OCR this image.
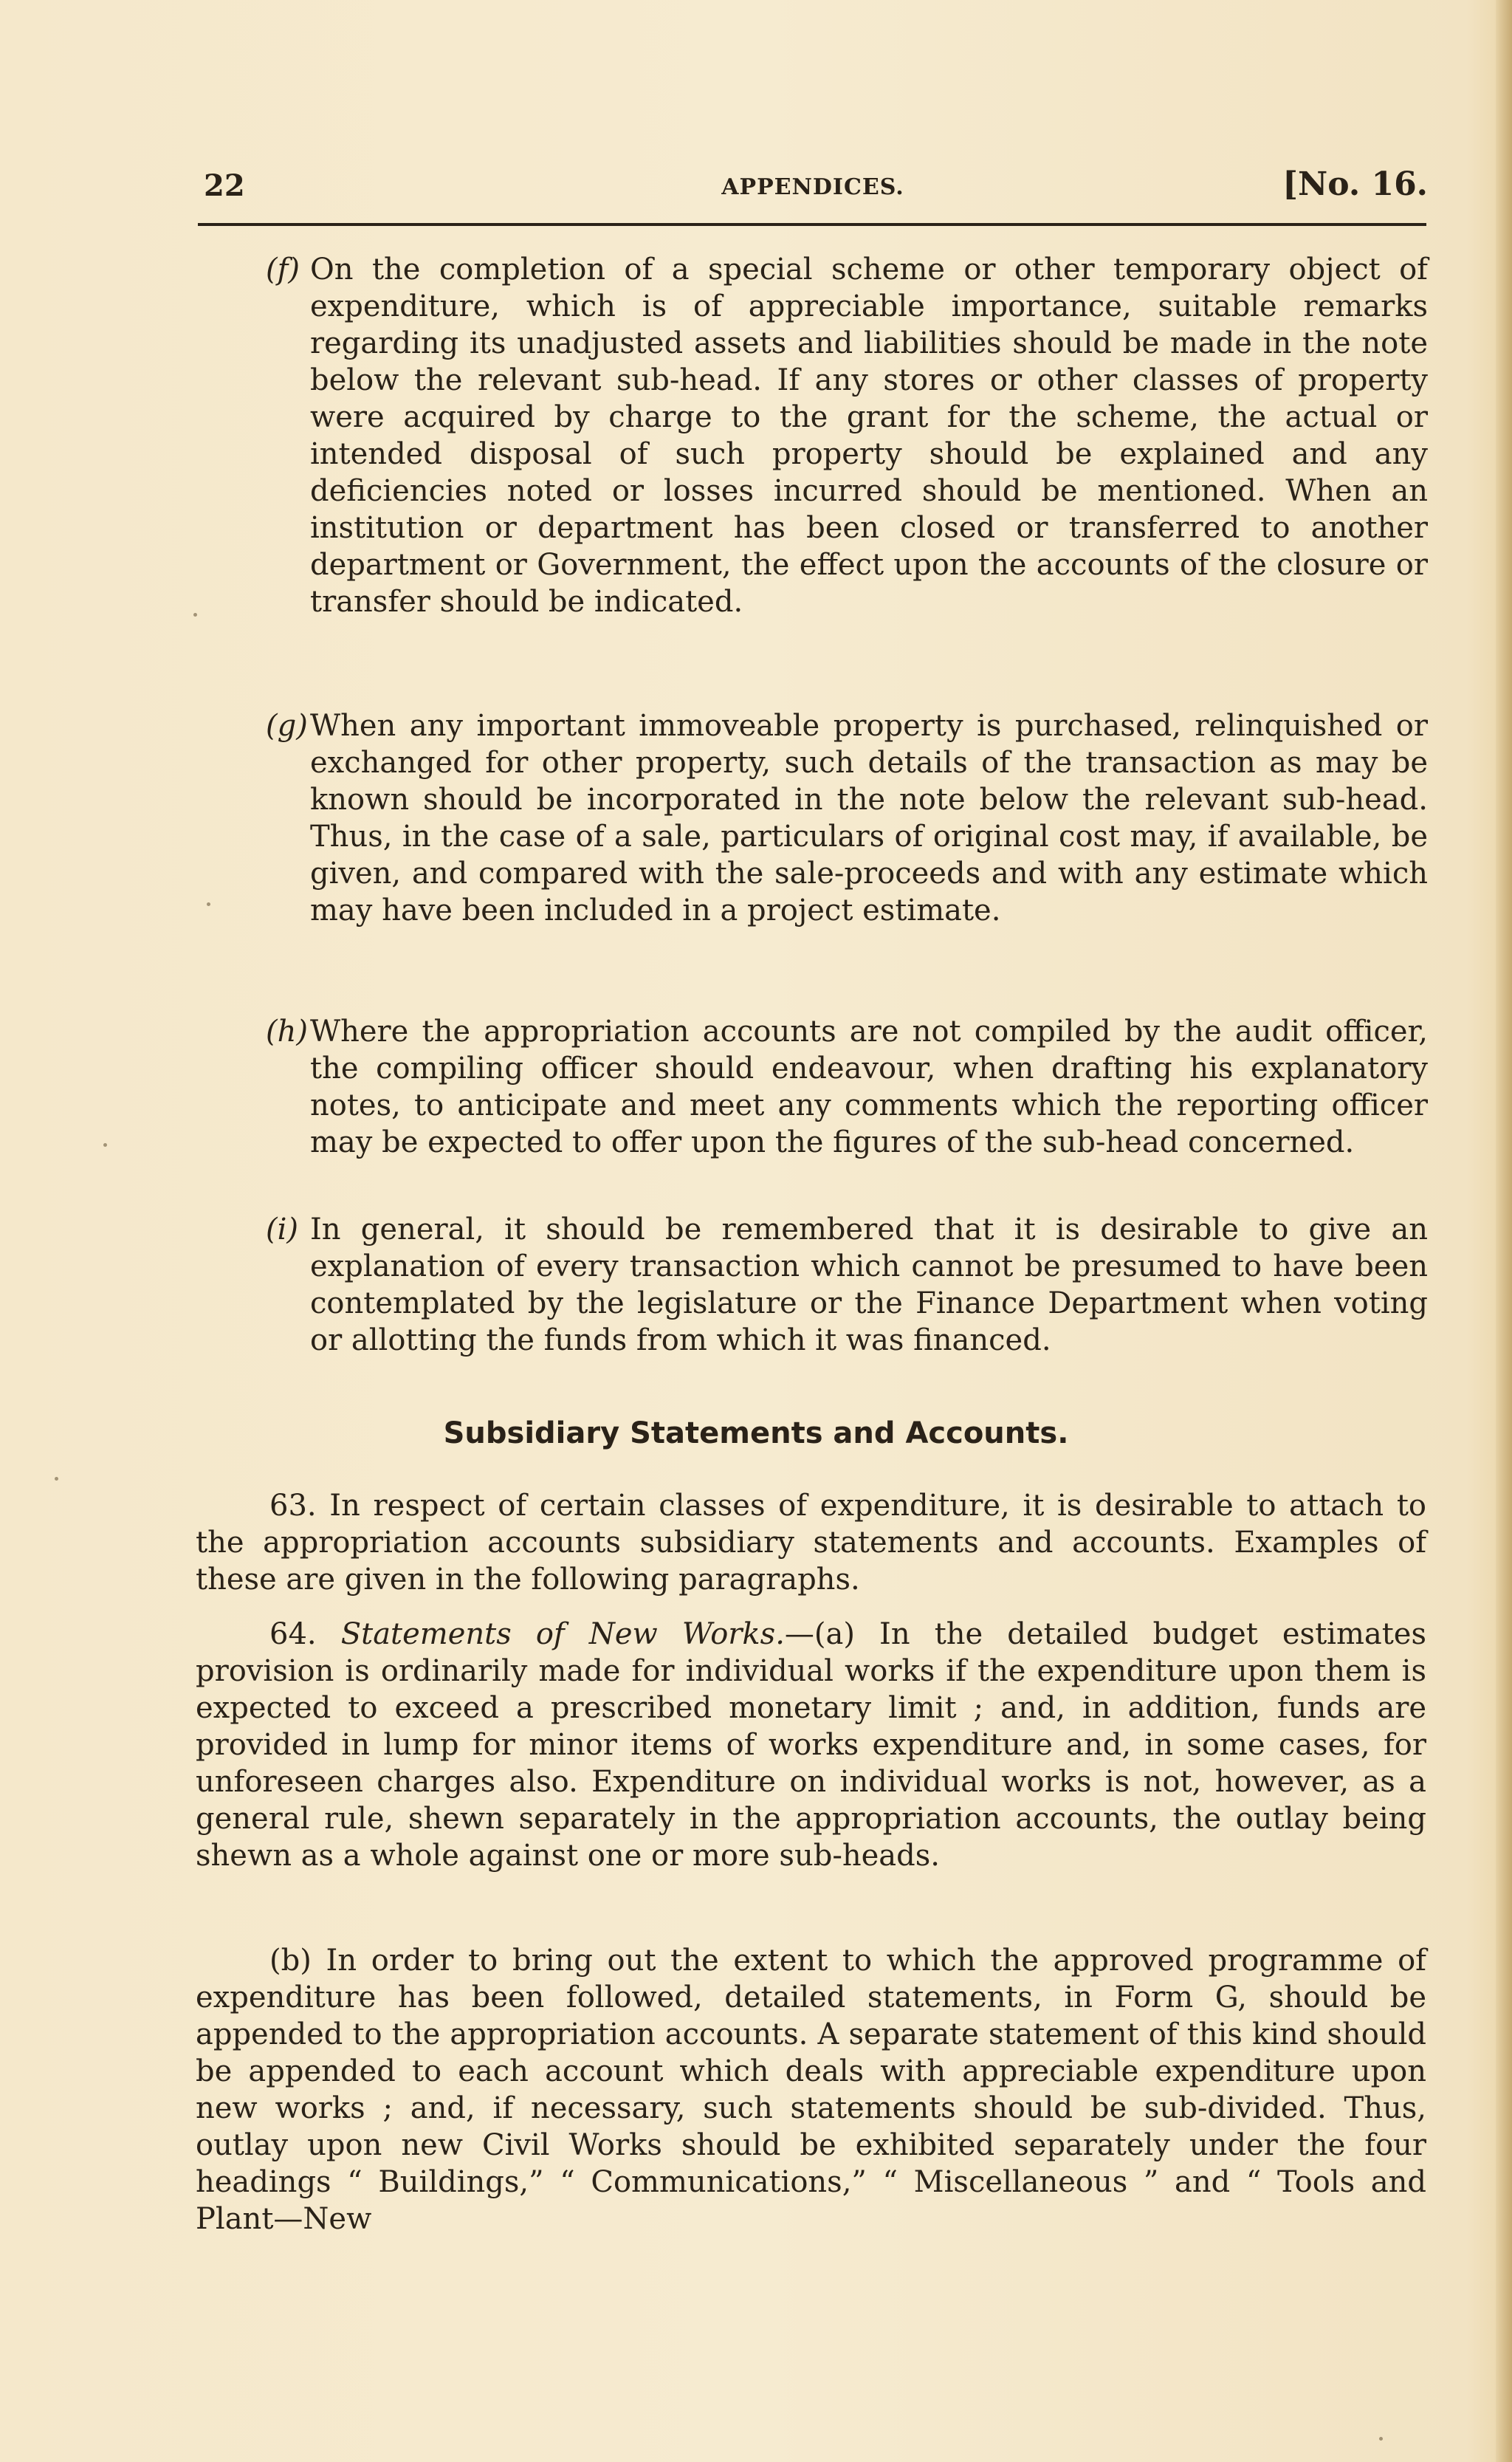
22	APPENDICES.	[No. 16.
(f) On the completion of a special scheme or other temporary object of expenditure, which is of appreciable importance, suitable remarks regarding its unadjusted assets and liabilities should be made in the note below the relevant sub-head. If any stores or other classes of property were acquired by charge to the grant for the scheme, the actual or intended disposal of such property should be explained and any deficiencies noted or losses incurred should be mentioned. When an institution or department has been closed or transferred to another department or Government, the effect upon the accounts of the closure or transfer should be indicated.

(g) When any important immoveable property is purchased, relinquished or exchanged for other property, such details of the transaction as may be known should be incorporated in the note below the relevant sub-head. Thus, in the case of a sale, particulars of original cost may, if available, be given, and compared with the sale-proceeds and with any estimate which may have been included in a project estimate.

(h) Where the appropriation accounts are not compiled by the audit officer, the compiling officer should endeavour, when drafting his explanatory notes, to anticipate and meet any comments which the reporting officer may be expected to offer upon the figures of the sub-head concerned.

(i) In general, it should be remembered that it is desirable to give an explanation of every transaction which cannot be presumed to have been contemplated by the legislature or the Finance Department when voting or allotting the funds from which it was financed.

Subsidiary Statements and Accounts.

63. In respect of certain classes of expenditure, it is desirable to attach to the appropriation accounts subsidiary statements and accounts. Examples of these are given in the following paragraphs.

64. Statements of New Works.—(a) In the detailed budget estimates provision is ordinarily made for individual works if the expenditure upon them is expected to exceed a prescribed monetary limit ; and, in addition, funds are provided in lump for minor items of works expenditure and, in some cases, for unforeseen charges also. Expenditure on individual works is not, however, as a general rule, shewn separately in the appropriation accounts, the outlay being shewn as a whole against one or more sub-heads.

(b) In order to bring out the extent to which the approved programme of expenditure has been followed, detailed statements, in Form G, should be appended to the appropriation accounts. A separate statement of this kind should be appended to each account which deals with appreciable expenditure upon new works ; and, if necessary, such statements should be sub-divided. Thus, outlay upon new Civil Works should be exhibited separately under the four headings “ Buildings,” “ Communications,” “ Miscellaneous ” and “ Tools and Plant—New
